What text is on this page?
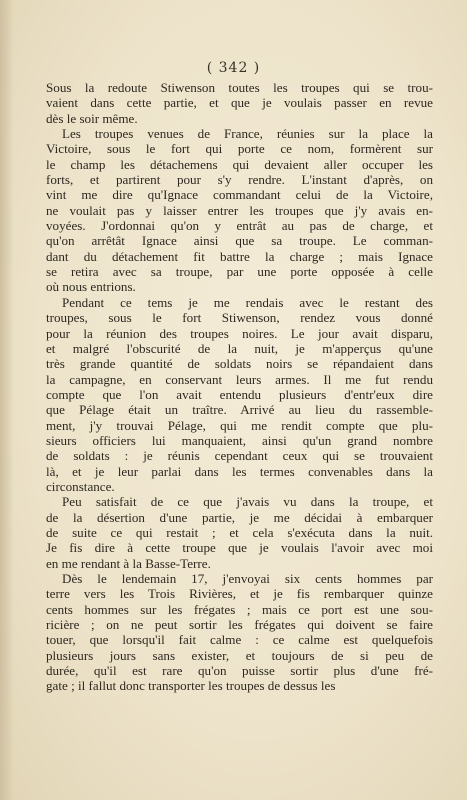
( 342 )
Sous la redoute Stiwenson toutes les troupes qui se trou-
vaient dans cette partie, et que je voulais passer en revue
dès le soir même.
Les troupes venues de France, réunies sur la place la
Victoire, sous le fort qui porte ce nom, formèrent sur
le champ les détachemens qui devaient aller occuper les
forts, et partirent pour s'y rendre. L'instant d'après, on
vint me dire qu'Ignace commandant celui de la Victoire,
ne voulait pas y laisser entrer les troupes que j'y avais en-
voyées. J'ordonnai qu'on y entrât au pas de charge, et
qu'on arrêtât Ignace ainsi que sa troupe. Le comman-
dant du détachement fit battre la charge ; mais Ignace
se retira avec sa troupe, par une porte opposée à celle
où nous entrions.
Pendant ce tems je me rendais avec le restant des
troupes, sous le fort Stiwenson, rendez vous donné
pour la réunion des troupes noires. Le jour avait disparu,
et malgré l'obscurité de la nuit, je m'apperçus qu'une
très grande quantité de soldats noirs se répandaient dans
la campagne, en conservant leurs armes. Il me fut rendu
compte que l'on avait entendu plusieurs d'entr'eux dire
que Pélage était un traître. Arrivé au lieu du rassemble-
ment, j'y trouvai Pélage, qui me rendit compte que plu-
sieurs officiers lui manquaient, ainsi qu'un grand nombre
de soldats : je réunis cependant ceux qui se trouvaient
là, et je leur parlai dans les termes convenables dans la
circonstance.
Peu satisfait de ce que j'avais vu dans la troupe, et
de la désertion d'une partie, je me décidai à embarquer
de suite ce qui restait ; et cela s'exécuta dans la nuit.
Je fis dire à cette troupe que je voulais l'avoir avec moi
en me rendant à la Basse-Terre.
Dès le lendemain 17, j'envoyai six cents hommes par
terre vers les Trois Rivières, et je fis rembarquer quinze
cents hommes sur les frégates ; mais ce port est une sou-
ricière ; on ne peut sortir les frégates qui doivent se faire
touer, que lorsqu'il fait calme : ce calme est quelquefois
plusieurs jours sans exister, et toujours de si peu de
durée, qu'il est rare qu'on puisse sortir plus d'une fré-
gate ; il fallut donc transporter les troupes de dessus les
